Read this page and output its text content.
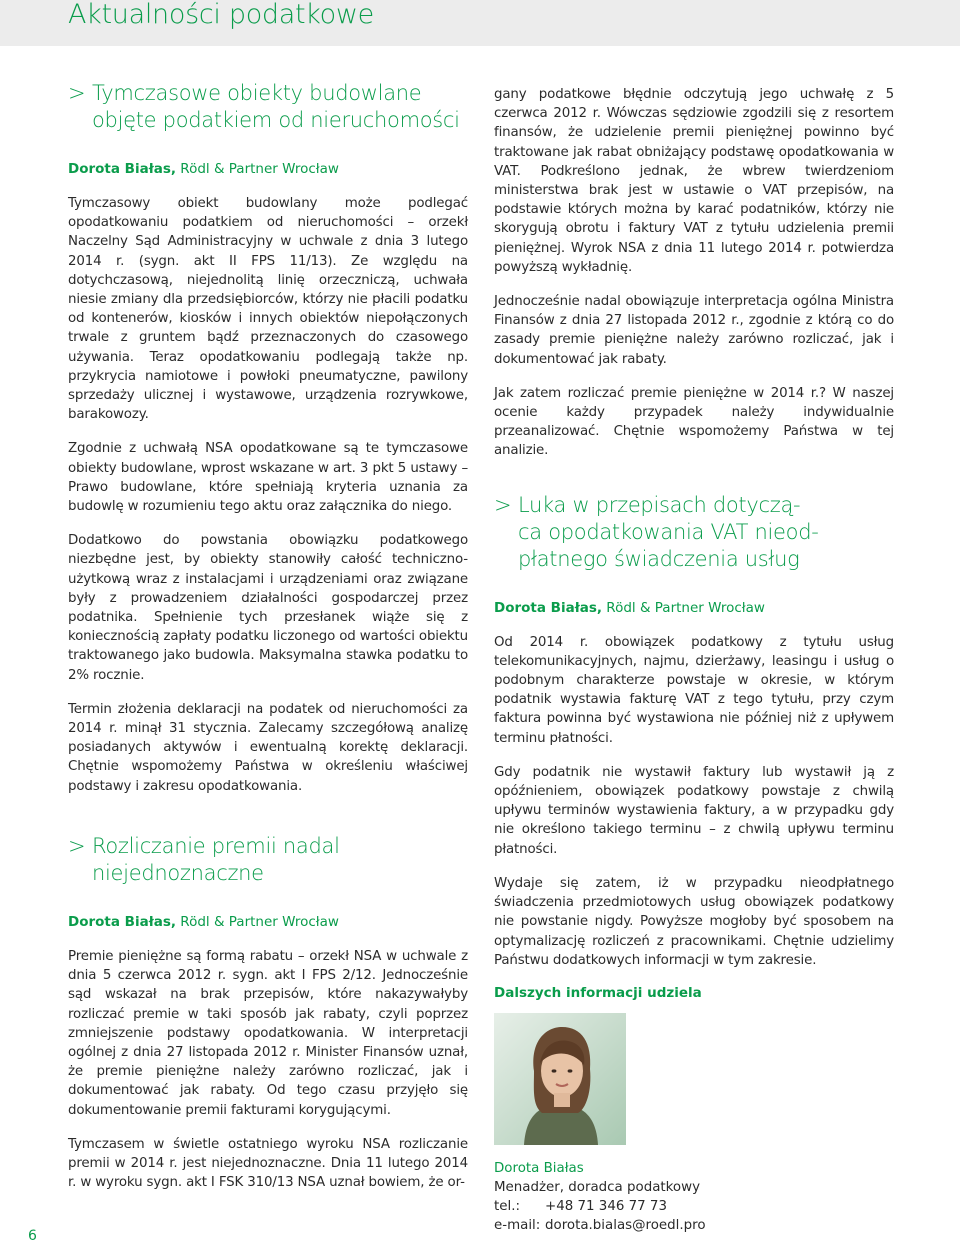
Aktualności podatkowe
> Tymczasowe obiekty budowlane
objęte podatkiem od nieruchomości
Dorota Białas, Rödl & Partner Wrocław

Tymczasowy obiekt budowlany może podlegać opodatkowaniu podatkiem od nieruchomości – orzekł Naczelny Sąd Administracyjny w uchwale z dnia 3 lutego 2014 r. (sygn. akt II FPS 11/13). Ze względu na dotychczasową, niejednolitą linię orzeczniczą, uchwała niesie zmiany dla przedsiębiorców, którzy nie płacili podatku od kontenerów, kiosków i innych obiektów niepołączonych trwale z gruntem bądź przeznaczonych do czasowego używania. Teraz opodatkowaniu podlegają także np. przykrycia namiotowe i powłoki pneumatyczne, pawilony sprzedaży ulicznej i wystawowe, urządzenia rozrywkowe, barakowozy.

Zgodnie z uchwałą NSA opodatkowane są te tymczasowe obiekty budowlane, wprost wskazane w art. 3 pkt 5 ustawy – Prawo budowlane, które spełniają kryteria uznania za budowlę w rozumieniu tego aktu oraz załącznika do niego.

Dodatkowo do powstania obowiązku podatkowego niezbędne jest, by obiekty stanowiły całość techniczno-użytkową wraz z instalacjami i urządzeniami oraz związane były z prowadzeniem działalności gospodarczej przez podatnika. Spełnienie tych przesłanek wiąże się z koniecznością zapłaty podatku liczonego od wartości obiektu traktowanego jako budowla. Maksymalna stawka podatku to 2% rocznie.

Termin złożenia deklaracji na podatek od nieruchomości za 2014 r. minął 31 stycznia. Zalecamy szczegółową analizę posiadanych aktywów i ewentualną korektę deklaracji. Chętnie wspomożemy Państwa w określeniu właściwej podstawy i zakresu opodatkowania.

> Rozliczanie premii nadal
niejednoznaczne
Dorota Białas, Rödl & Partner Wrocław

Premie pieniężne są formą rabatu – orzekł NSA w uchwale z dnia 5 czerwca 2012 r. sygn. akt I FPS 2/12. Jednocześnie sąd wskazał na brak przepisów, które nakazywałyby rozliczać premie w taki sposób jak rabaty, czyli poprzez zmniejszenie podstawy opodatkowania. W interpretacji ogólnej z dnia 27 listopada 2012 r. Minister Finansów uznał, że premie pieniężne należy zarówno rozliczać, jak i dokumentować jak rabaty. Od tego czasu przyjęło się dokumentowanie premii fakturami korygującymi.

Tymczasem w świetle ostatniego wyroku NSA rozliczanie premii w 2014 r. jest niejednoznaczne. Dnia 11 lutego 2014 r. w wyroku sygn. akt I FSK 310/13 NSA uznał bowiem, że or-

gany podatkowe błędnie odczytują jego uchwałę z 5 czerwca 2012 r. Wówczas sędziowie zgodzili się z resortem finansów, że udzielenie premii pieniężnej powinno być traktowane jak rabat obniżający podstawę opodatkowania w VAT. Podkreślono jednak, że wbrew twierdzeniom ministerstwa brak jest w ustawie o VAT przepisów, na podstawie których można by karać podatników, którzy nie skorygują obrotu i faktury VAT z tytułu udzielenia premii pieniężnej. Wyrok NSA z dnia 11 lutego 2014 r. potwierdza powyższą wykładnię.

Jednocześnie nadal obowiązuje interpretacja ogólna Ministra Finansów z dnia 27 listopada 2012 r., zgodnie z którą co do zasady premie pieniężne należy zarówno rozliczać, jak i dokumentować jak rabaty.

Jak zatem rozliczać premie pieniężne w 2014 r.? W naszej ocenie każdy przypadek należy indywidualnie przeanalizować. Chętnie wspomożemy Państwa w tej analizie.

> Luka w przepisach dotyczą-
ca opodatkowania VAT nieod-
płatnego świadczenia usług
Dorota Białas, Rödl & Partner Wrocław

Od 2014 r. obowiązek podatkowy z tytułu usług telekomunikacyjnych, najmu, dzierżawy, leasingu i usług o podobnym charakterze powstaje w okresie, w którym podatnik wystawia fakturę VAT z tego tytułu, przy czym faktura powinna być wystawiona nie później niż z upływem terminu płatności.

Gdy podatnik nie wystawił faktury lub wystawił ją z opóźnieniem, obowiązek podatkowy powstaje z chwilą upływu terminów wystawienia faktury, a w przypadku gdy nie określono takiego terminu – z chwilą upływu terminu płatności.

Wydaje się zatem, iż w przypadku nieodpłatnego świadczenia przedmiotowych usług obowiązek podatkowy nie powstanie nigdy. Powyższe mogłoby być sposobem na optymalizację rozliczeń z pracownikami. Chętnie udzielimy Państwu dodatkowych informacji w tym zakresie.

Dalszych informacji udziela
Dorota Białas
Menadżer, doradca podatkowy
tel.:	+48 71 346 77 73
e-mail: dorota.bialas@roedl.pro
6
